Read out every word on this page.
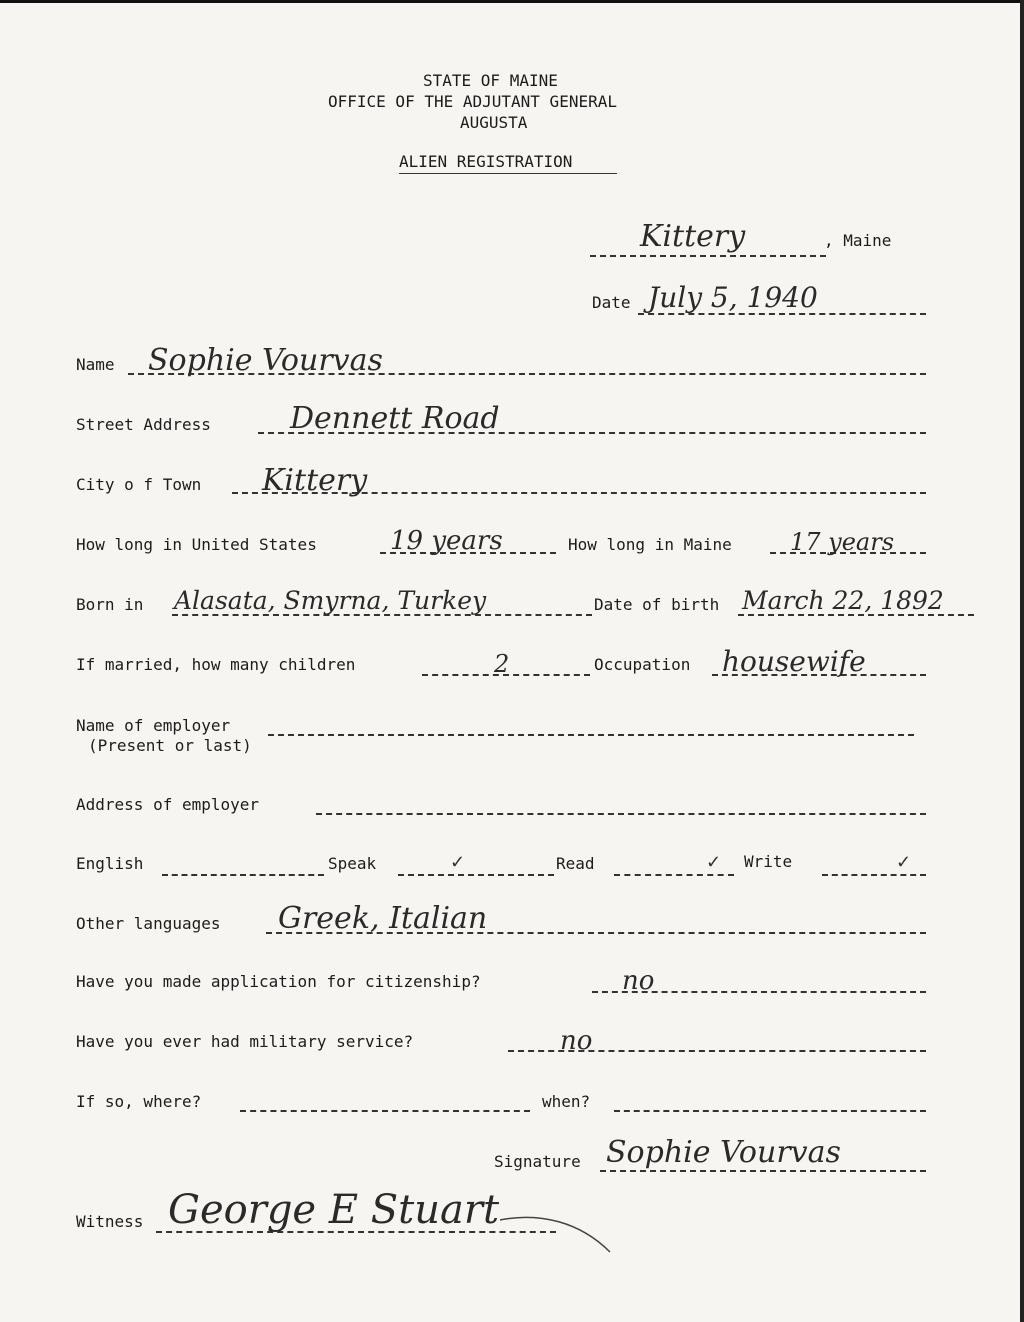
STATE OF MAINE
OFFICE OF THE ADJUTANT GENERAL
AUGUSTA
ALIEN REGISTRATION
Kittery	, Maine
Date July 5, 1940
Name Sophie Vourvas
Street Address	Dennett Road
City o f Town Kittery
How long in United States	19 years	How long in Maine 17 years
Born in Alasata, Smyrna, Turkey	Date of birth March 22, 1892
If married, how many children	2	Occupation housewife
Name of employer
(Present or last)
Address of employer
English	Speak	✓	Read	✓ Write	✓
Other languages Greek, Italian
Have you made application for citizenship?	no
Have you ever had military service?	no
If so, where?	when?
Signature Sophie Vourvas
Witness George E Stuart
